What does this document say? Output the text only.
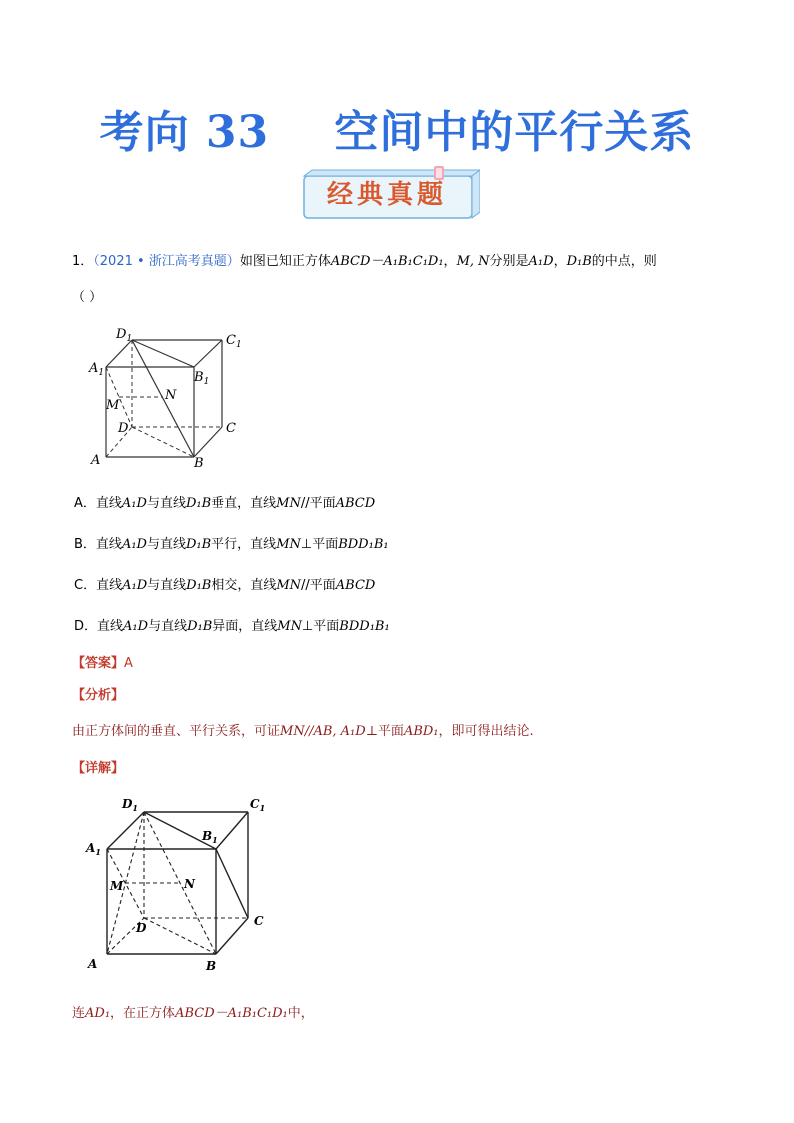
考向 33    空间中的平行关系
经典真题
1．（2021 • 浙江高考真题）如图已知正方体ABCD－A₁B₁C₁D₁，M, N分别是A₁D，D₁B的中点，则
（ ）
$D_1$	$C_1$
$A_1$	$B_1$
N
M
D	C
A	B
A．直线A₁D与直线D₁B垂直，直线MN//平面ABCD
B．直线A₁D与直线D₁B平行，直线MN⊥平面BDD₁B₁
C．直线A₁D与直线D₁B相交，直线MN//平面ABCD
D．直线A₁D与直线D₁B异面，直线MN⊥平面BDD₁B₁
【答案】A
【分析】
由正方体间的垂直、平行关系，可证MN//AB, A₁D⊥平面ABD₁，即可得出结论.
【详解】
$D_1$	$C_1$
$A_1$
$B_1$
N
M
D	C
A	B
连AD₁，在正方体ABCD－A₁B₁C₁D₁中，
